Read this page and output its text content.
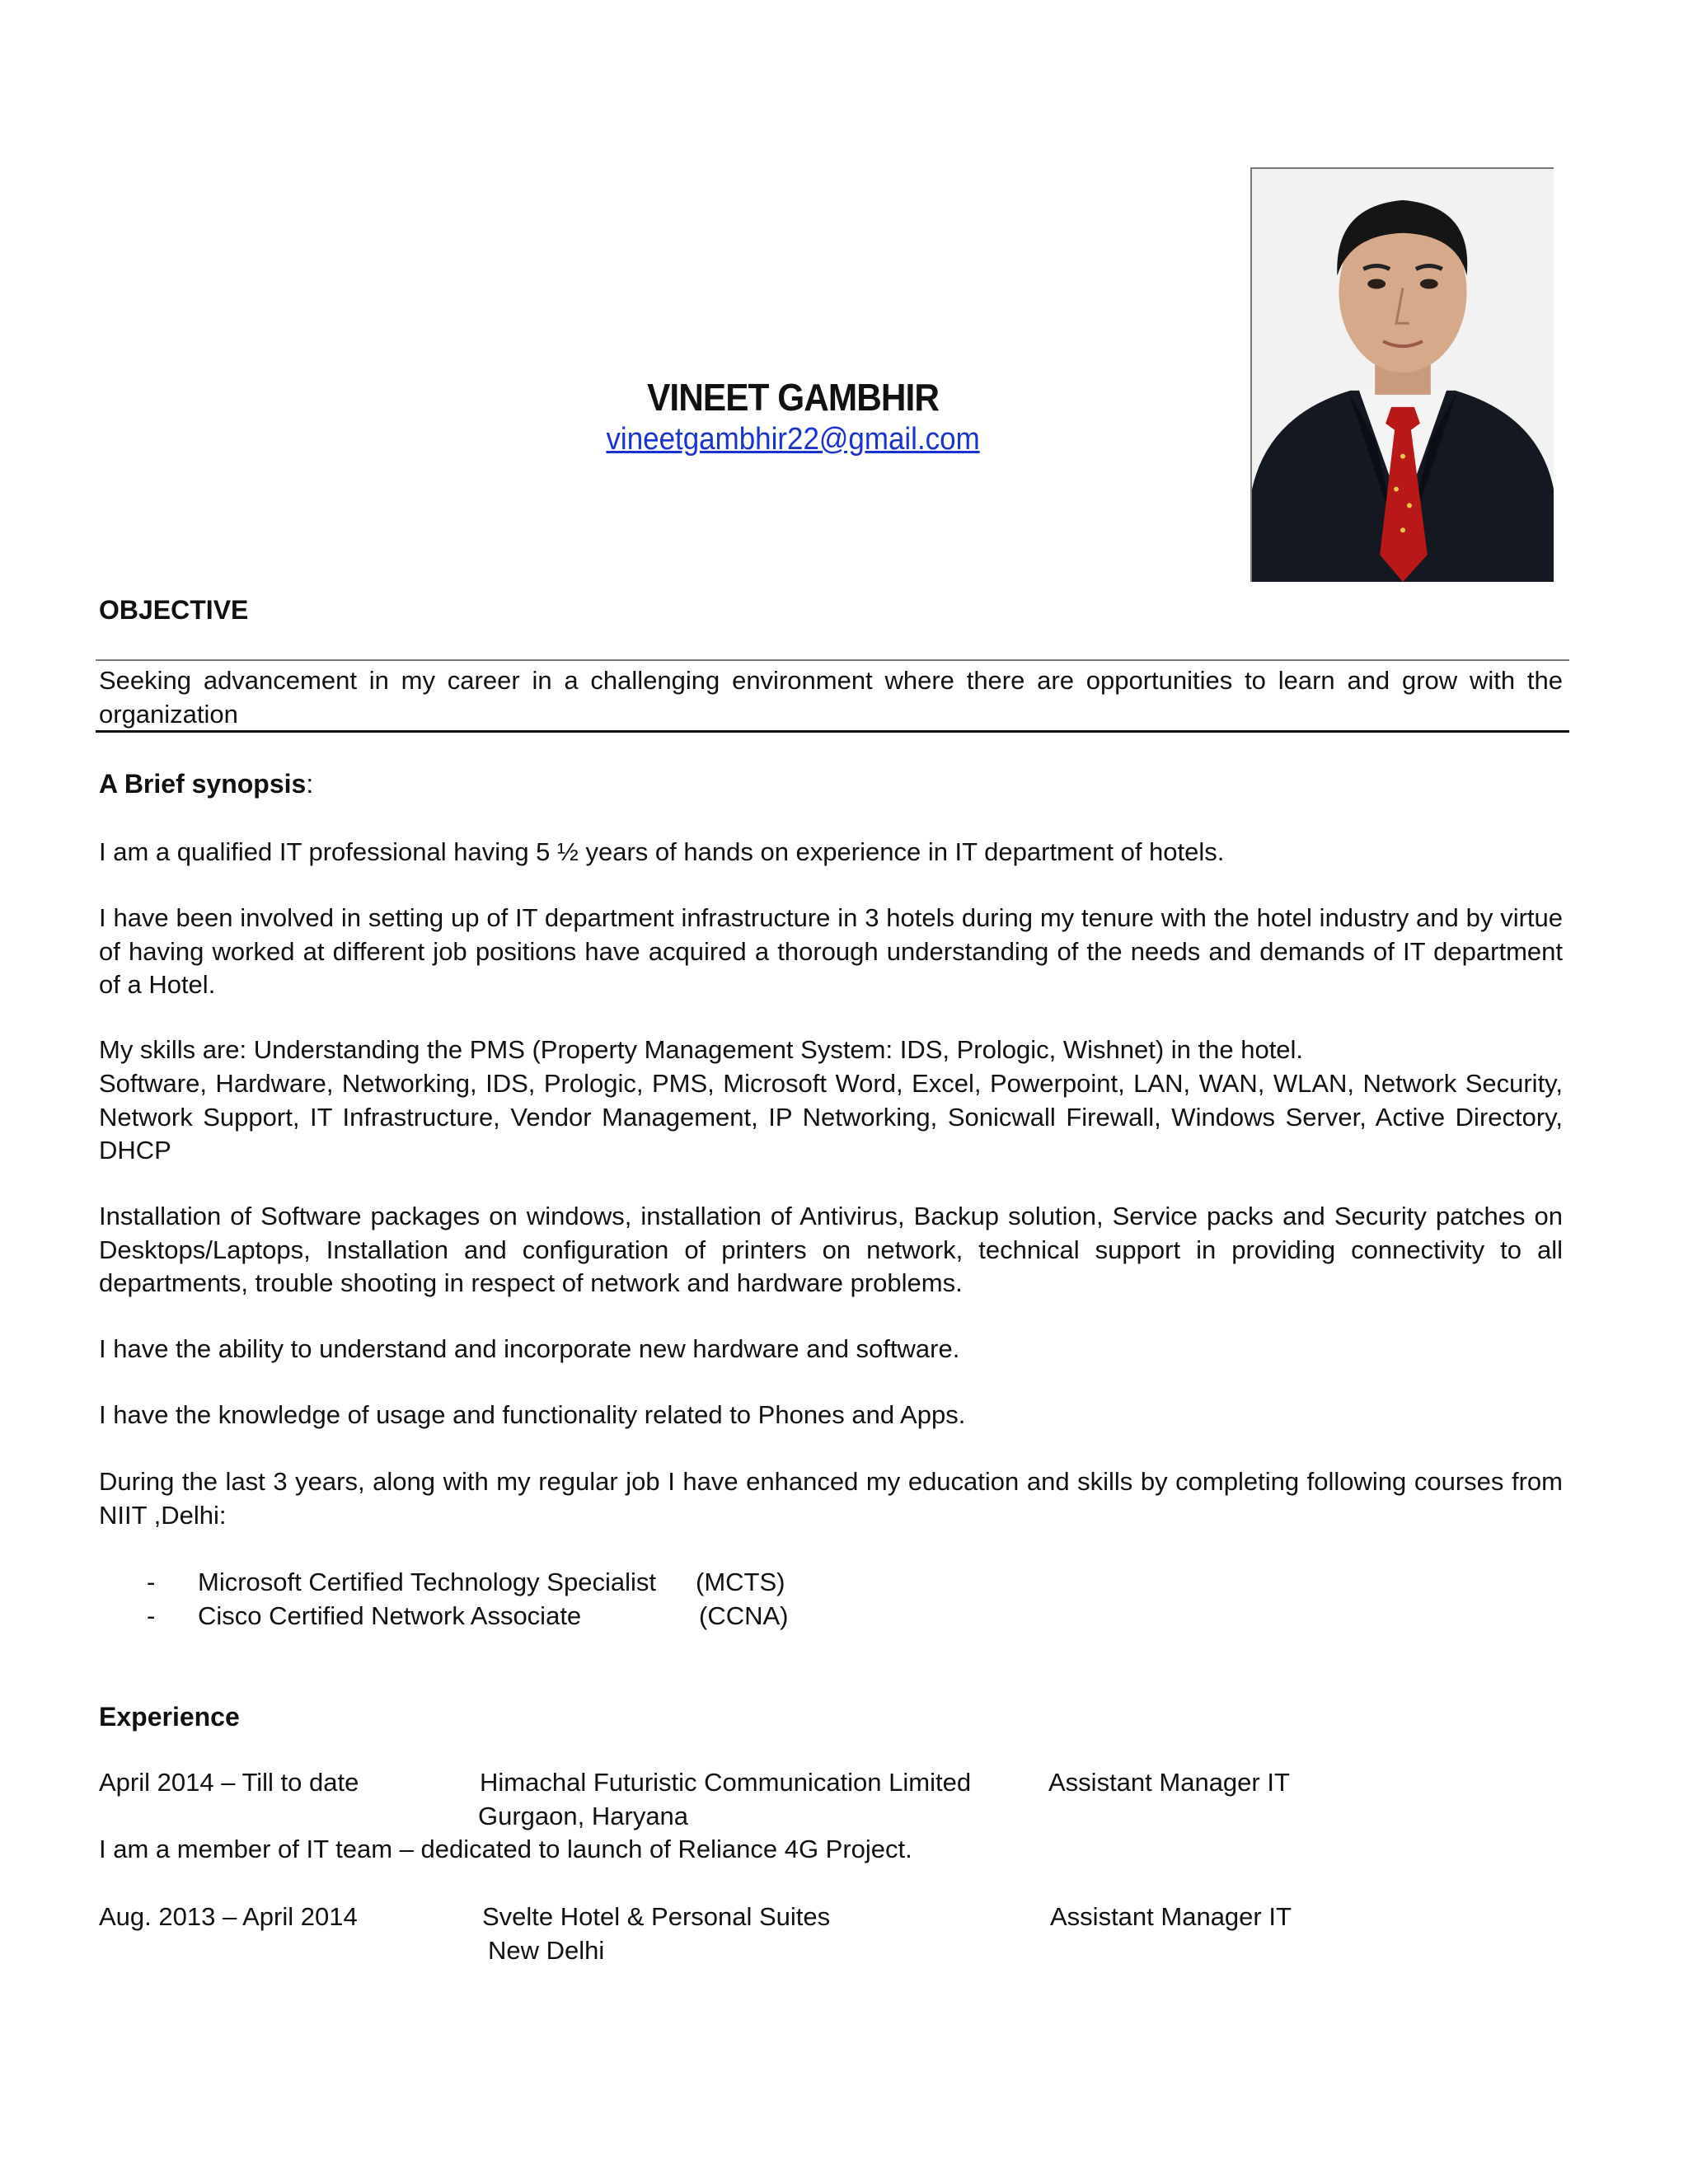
VINEET GAMBHIR
vineetgambhir22@gmail.com
OBJECTIVE
Seeking advancement in my career in a challenging environment where there are opportunities to learn and grow with the organization
A Brief synopsis:
I am a qualified IT professional having 5 ½ years of hands on experience in IT department of hotels.
I have been involved in setting up of IT department infrastructure in 3 hotels during my tenure with the hotel industry and by virtue of having worked at different job positions have acquired a thorough understanding of the needs and demands of IT department of a Hotel.
My skills are: Understanding the PMS (Property Management System: IDS, Prologic, Wishnet) in the hotel.
Software, Hardware, Networking, IDS, Prologic, PMS, Microsoft Word, Excel, Powerpoint, LAN, WAN, WLAN, Network Security, Network Support, IT Infrastructure, Vendor Management, IP Networking, Sonicwall Firewall, Windows Server, Active Directory, DHCP
Installation of Software packages on windows, installation of Antivirus, Backup solution, Service packs and Security patches on Desktops/Laptops, Installation and configuration of printers on network, technical support in providing connectivity to all departments, trouble shooting in respect of network and hardware problems.
I have the ability to understand and incorporate new hardware and software.
I have the knowledge of usage and functionality related to Phones and Apps.
During the last 3 years, along with my regular job I have enhanced my education and skills by completing following courses from NIIT ,Delhi:
- Microsoft Certified Technology Specialist (MCTS)
- Cisco Certified Network Associate	(CCNA)
Experience
April 2014 – Till to date	Himachal Futuristic Communication Limited	Assistant Manager IT
Gurgaon, Haryana
I am a member of IT team – dedicated to launch of Reliance 4G Project.
Aug. 2013 – April 2014	Svelte Hotel & Personal Suites	Assistant Manager IT
New Delhi
